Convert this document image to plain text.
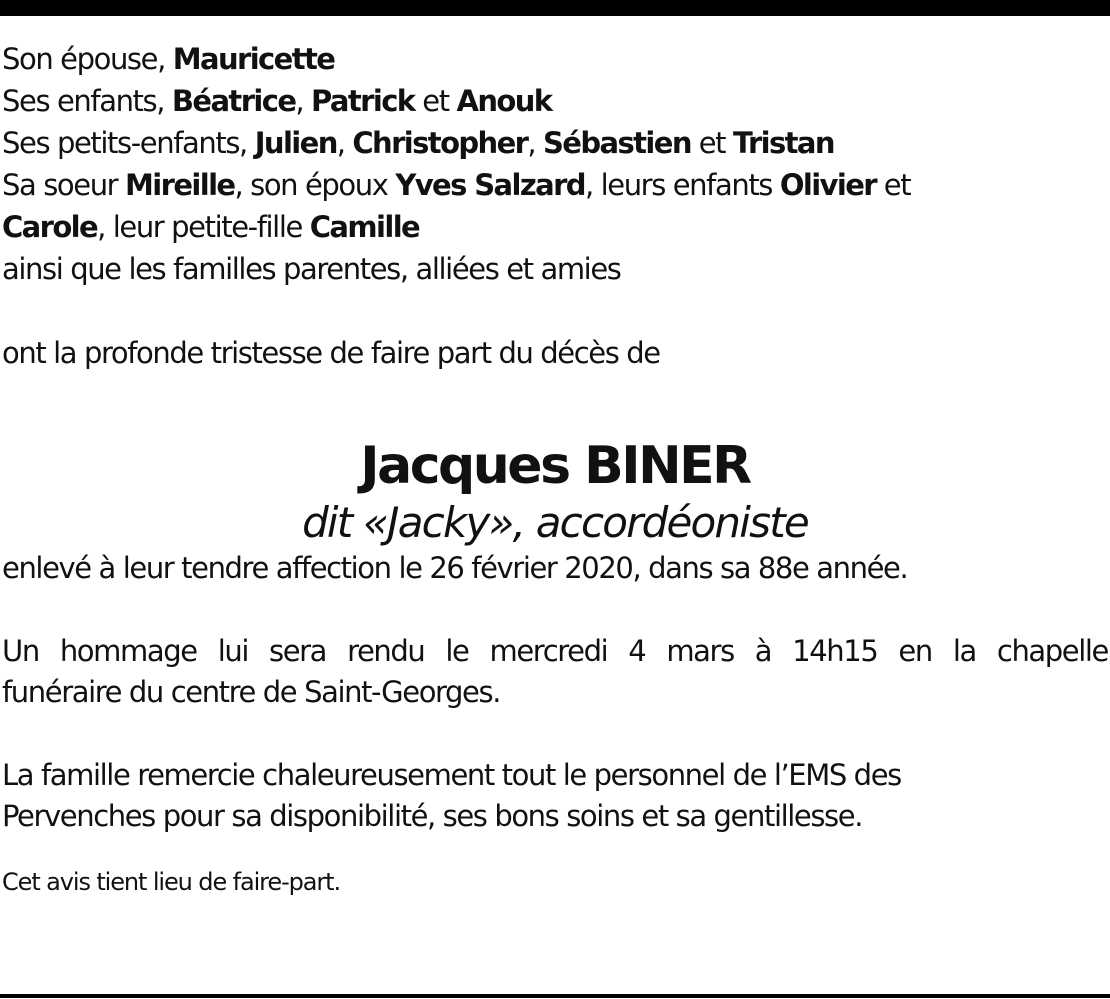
Son épouse, Mauricette

Ses enfants, Béatrice, Patrick et Anouk

Ses petits-enfants, Julien, Christopher, Sébastien et Tristan

Sa soeur Mireille, son époux Yves Salzard, leurs enfants Olivier et

Carole, leur petite-fille Camille

ainsi que les familles parentes, alliées et amies

ont la profonde tristesse de faire part du décès de

Jacques BINER

dit «Jacky», accordéoniste

enlevé à leur tendre affection le 26 février 2020, dans sa 88e année.

Un hommage lui sera rendu le mercredi 4 mars à 14h15 en la chapelle

funéraire du centre de Saint-Georges.

La famille remercie chaleureusement tout le personnel de l’EMS des

Pervenches pour sa disponibilité, ses bons soins et sa gentillesse.

Cet avis tient lieu de faire-part.
